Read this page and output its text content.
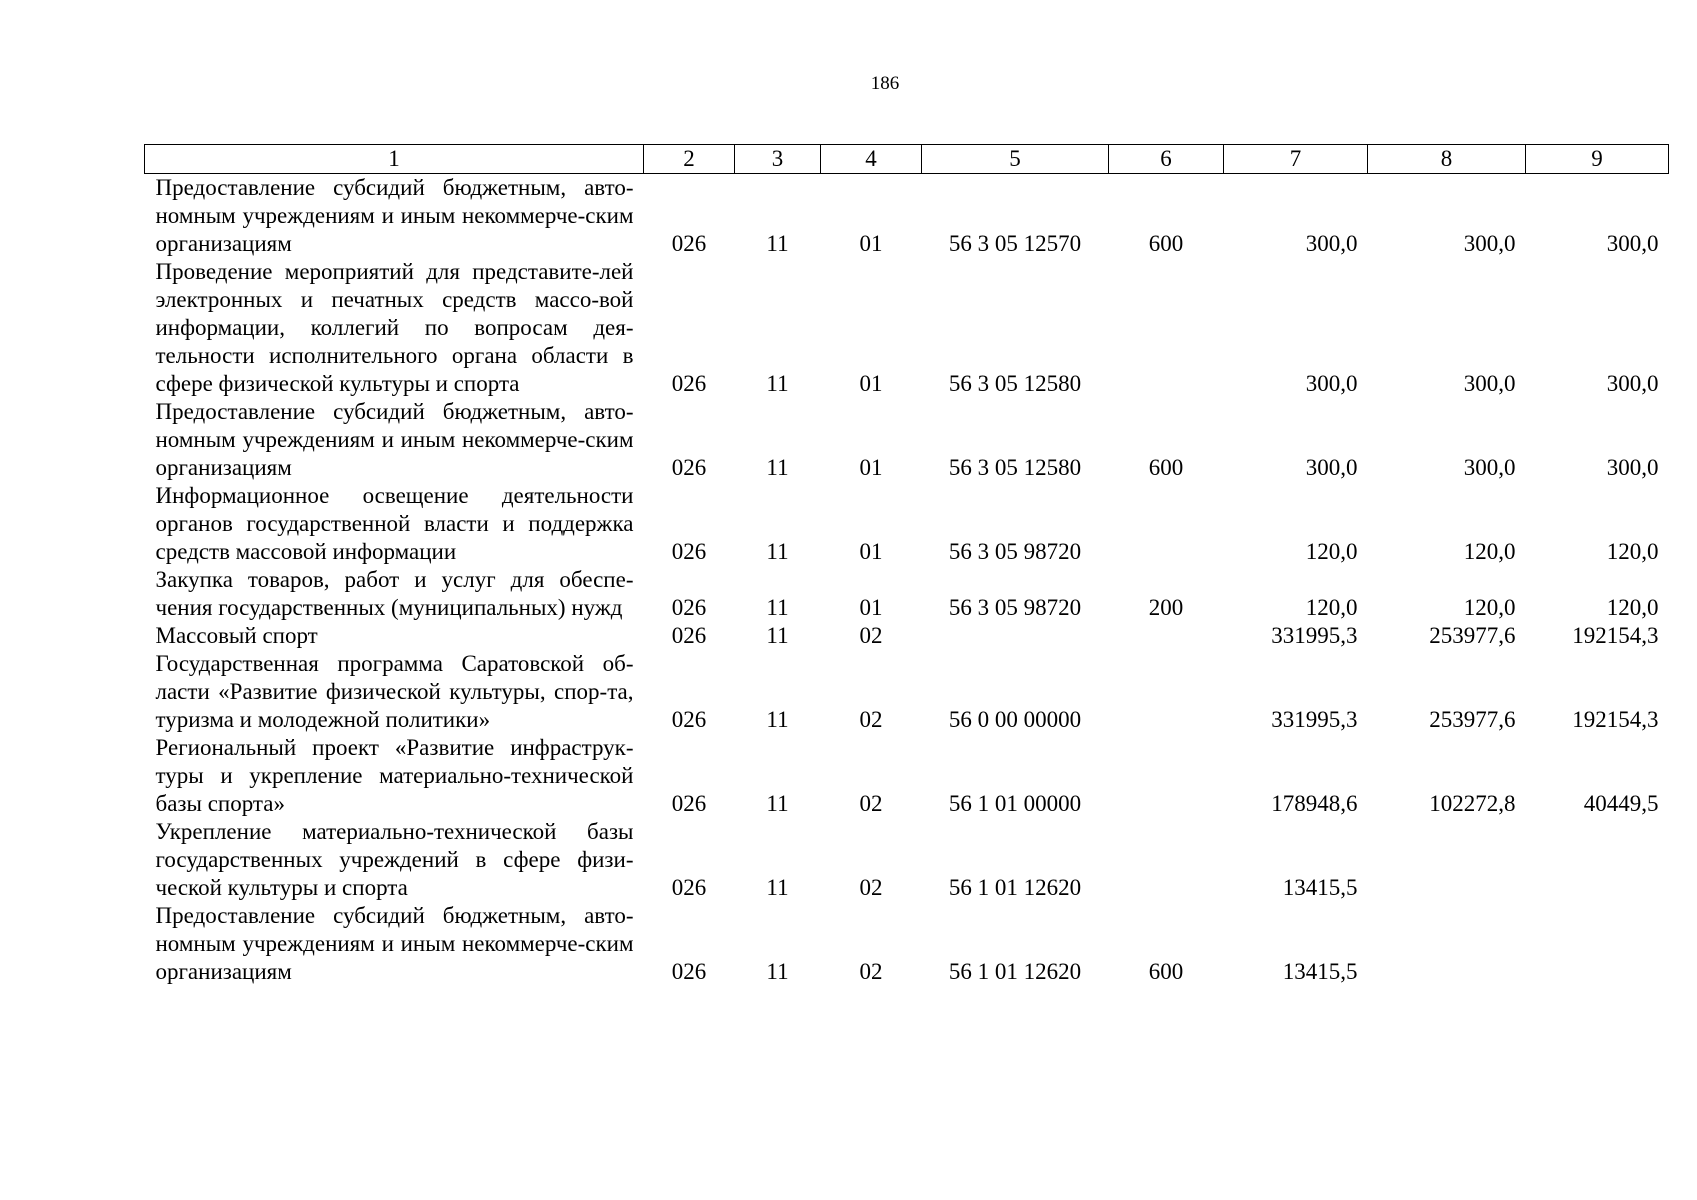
186
1	2	3	4	5	6	7	8	9
Предоставление субсидий бюджетным, авто-номным учреждениям и иным некоммерче-ским организациям	026	11	01	56 3 05 12570	600	300,0	300,0	300,0
Проведение мероприятий для представите-лей электронных и печатных средств массо-вой информации, коллегий по вопросам дея-тельности исполнительного органа области в сфере физической культуры и спорта	026	11	01	56 3 05 12580		300,0	300,0	300,0
Предоставление субсидий бюджетным, авто-номным учреждениям и иным некоммерче-ским организациям	026	11	01	56 3 05 12580	600	300,0	300,0	300,0
Информационное освещение деятельности органов государственной власти и поддержка средств массовой информации	026	11	01	56 3 05 98720		120,0	120,0	120,0
Закупка товаров, работ и услуг для обеспе-чения государственных (муниципальных) нужд	026	11	01	56 3 05 98720	200	120,0	120,0	120,0
Массовый спорт	026	11	02			331995,3	253977,6	192154,3
Государственная программа Саратовской об-ласти «Развитие физической культуры, спор-та, туризма и молодежной политики»	026	11	02	56 0 00 00000		331995,3	253977,6	192154,3
Региональный проект «Развитие инфраструк-туры и укрепление материально-технической базы спорта»	026	11	02	56 1 01 00000		178948,6	102272,8	40449,5
Укрепление материально-технической базы государственных учреждений в сфере физи-ческой культуры и спорта	026	11	02	56 1 01 12620		13415,5		
Предоставление субсидий бюджетным, авто-номным учреждениям и иным некоммерче-ским организациям	026	11	02	56 1 01 12620	600	13415,5		
